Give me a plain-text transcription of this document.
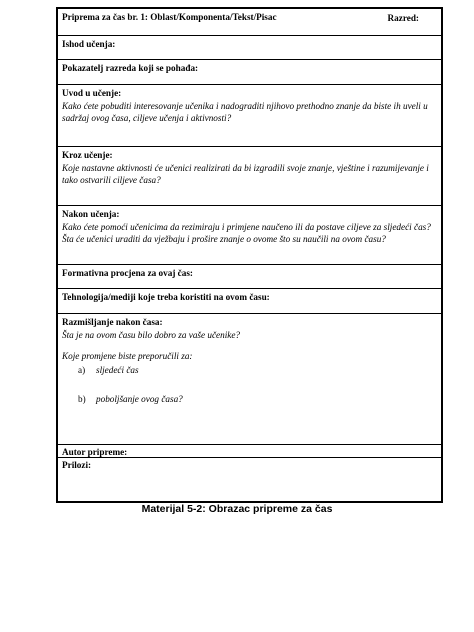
Priprema za čas br. 1: Oblast/Komponenta/Tekst/Pisac	Razred:
Ishod učenja:
Pokazatelj razreda koji se pohađa:
Uvod u učenje:
Kako ćete pobuditi interesovanje učenika i nadograditi njihovo prethodno znanje da biste ih uveli u sadržaj ovog časa, ciljeve učenja i aktivnosti?
Kroz učenje:
Koje nastavne aktivnosti će učenici realizirati da bi izgradili svoje znanje, vještine i razumijevanje i tako ostvarili ciljeve časa?
Nakon učenja:
Kako ćete pomoći učenicima da rezimiraju i primjene naučeno ili da postave ciljeve za sljedeći čas? Šta će učenici uraditi da vježbaju i prošire znanje o ovome što su naučili na ovom času?
Formativna procjena za ovaj čas:
Tehnologija/mediji koje treba koristiti na ovom času:
Razmišljanje nakon časa:
Šta je na ovom času bilo dobro za vaše učenike?
Koje promjene biste preporučili za:
a) sljedeći čas
b) poboljšanje ovog časa?
Autor pripreme:
Prilozi:
Materijal 5-2: Obrazac pripreme za čas
